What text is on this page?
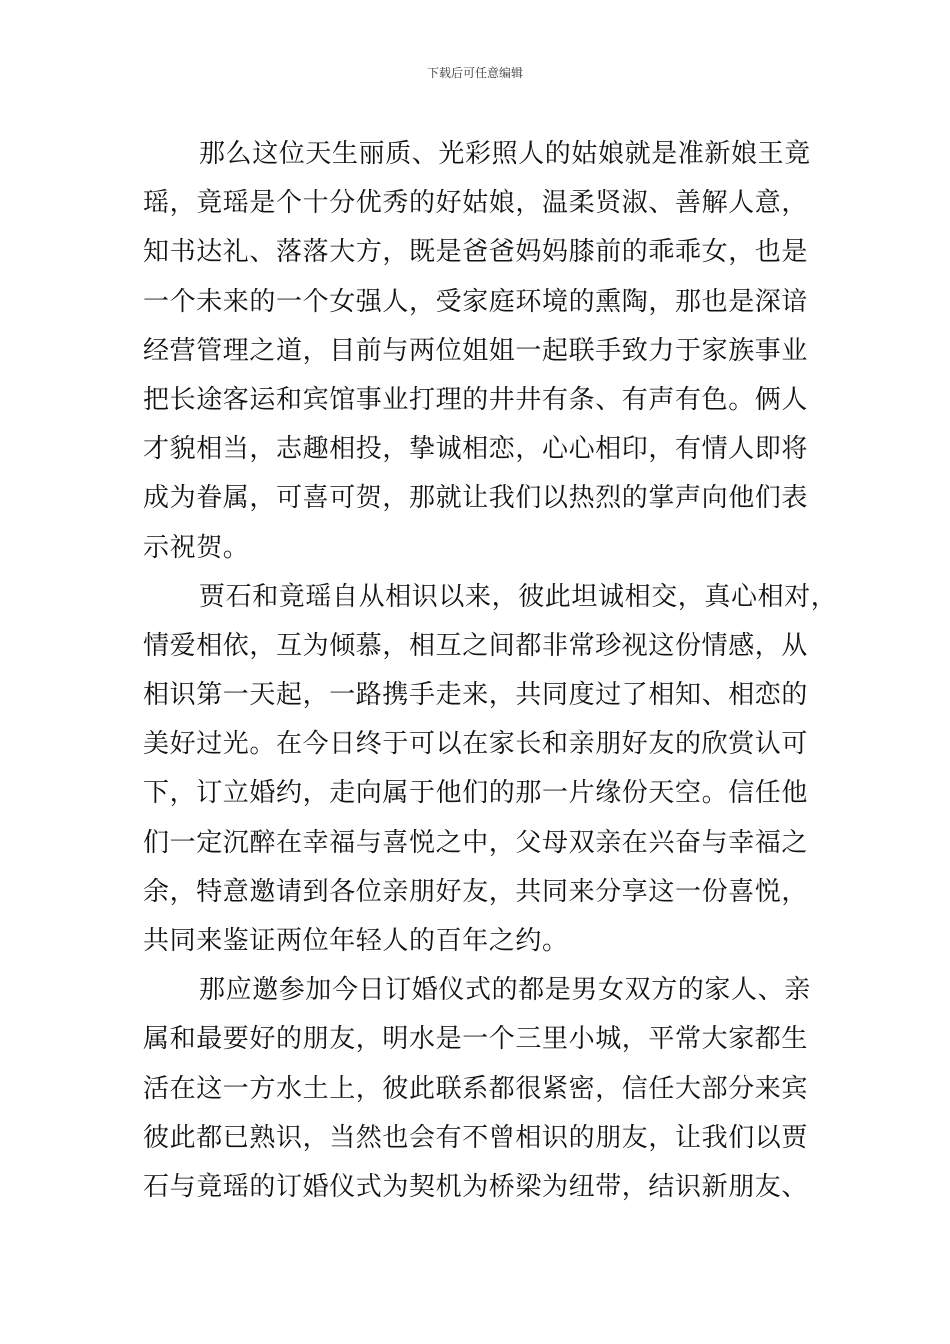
下载后可任意编辑
那么这位天生丽质、光彩照人的姑娘就是准新娘王竟
瑶，竟瑶是个十分优秀的好姑娘，温柔贤淑、善解人意，
知书达礼、落落大方，既是爸爸妈妈膝前的乖乖女，也是
一个未来的一个女强人，受家庭环境的熏陶，那也是深谙
经营管理之道，目前与两位姐姐一起联手致力于家族事业
把长途客运和宾馆事业打理的井井有条、有声有色。俩人
才貌相当，志趣相投，挚诚相恋，心心相印，有情人即将
成为眷属，可喜可贺，那就让我们以热烈的掌声向他们表
示祝贺。
贾石和竟瑶自从相识以来，彼此坦诚相交，真心相对，
情爱相依，互为倾慕，相互之间都非常珍视这份情感，从
相识第一天起，一路携手走来，共同度过了相知、相恋的
美好过光。在今日终于可以在家长和亲朋好友的欣赏认可
下，订立婚约，走向属于他们的那一片缘份天空。信任他
们一定沉醉在幸福与喜悦之中，父母双亲在兴奋与幸福之
余，特意邀请到各位亲朋好友，共同来分享这一份喜悦，
共同来鉴证两位年轻人的百年之约。
那应邀参加今日订婚仪式的都是男女双方的家人、亲
属和最要好的朋友，明水是一个三里小城，平常大家都生
活在这一方水土上，彼此联系都很紧密，信任大部分来宾
彼此都已熟识，当然也会有不曾相识的朋友，让我们以贾
石与竟瑶的订婚仪式为契机为桥梁为纽带，结识新朋友、
